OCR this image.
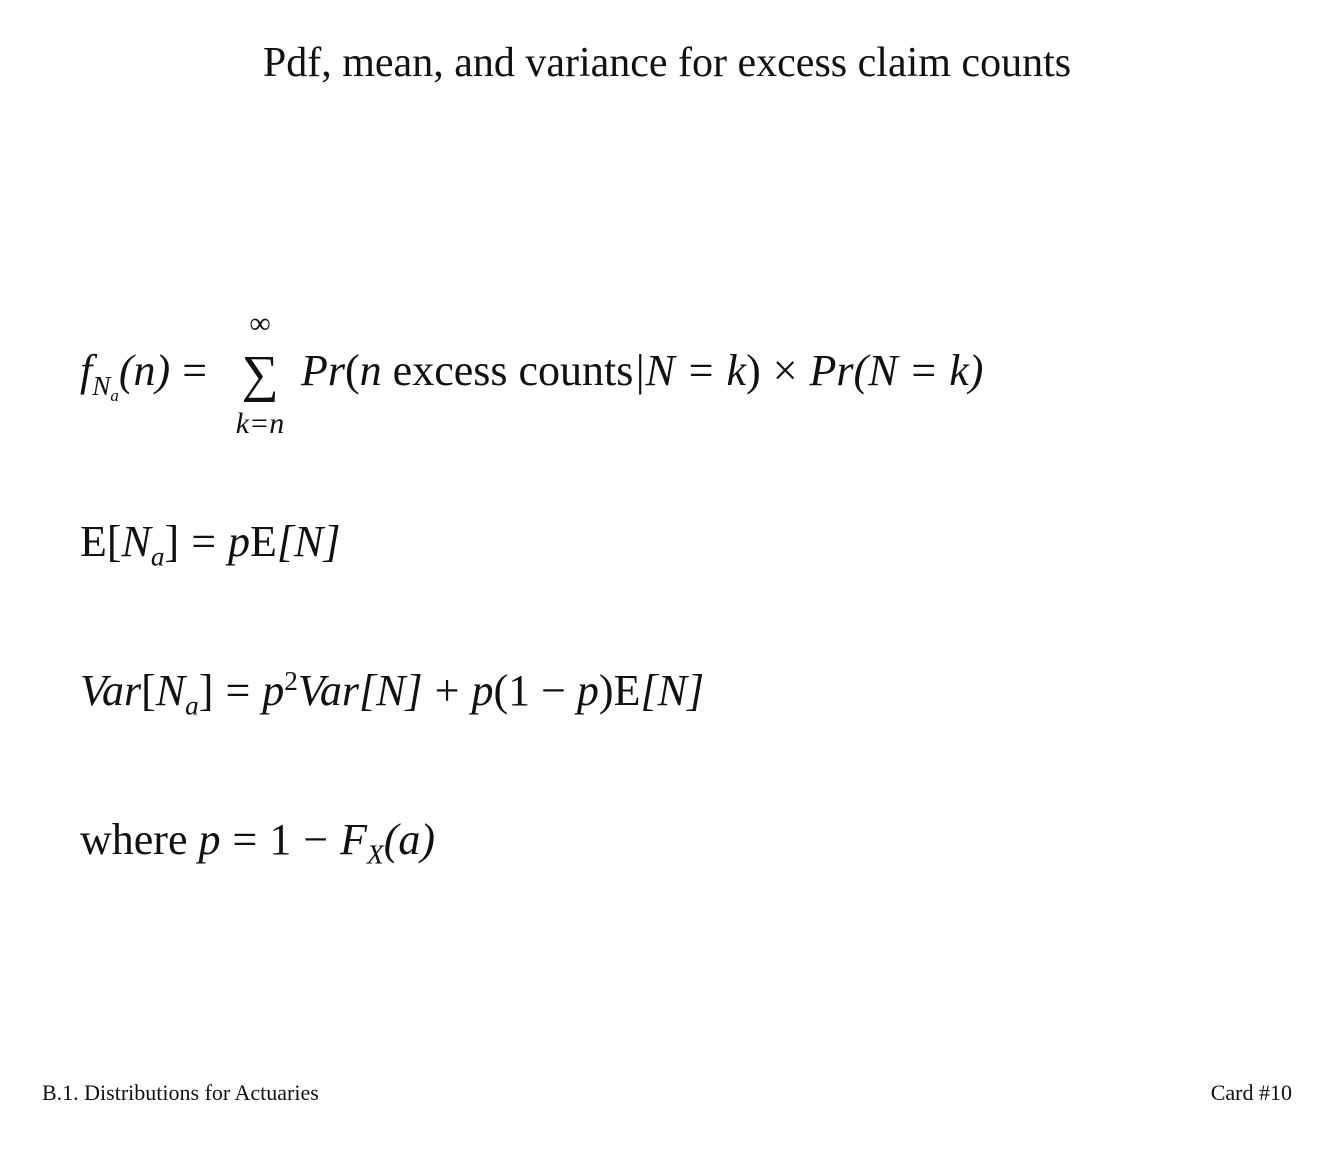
Pdf, mean, and variance for excess claim counts
$f_{N_a}(n)$ =
∞
∑
k=n
Pr(n excess counts|N = k) × Pr(N = k)
$E[N_a] = pE[N]$
$Var[N_a] = p^2Var[N] + p(1 - p)E[N]$
where $p = 1 - F_X(a)$
B.1. Distributions for Actuaries	Card #10
